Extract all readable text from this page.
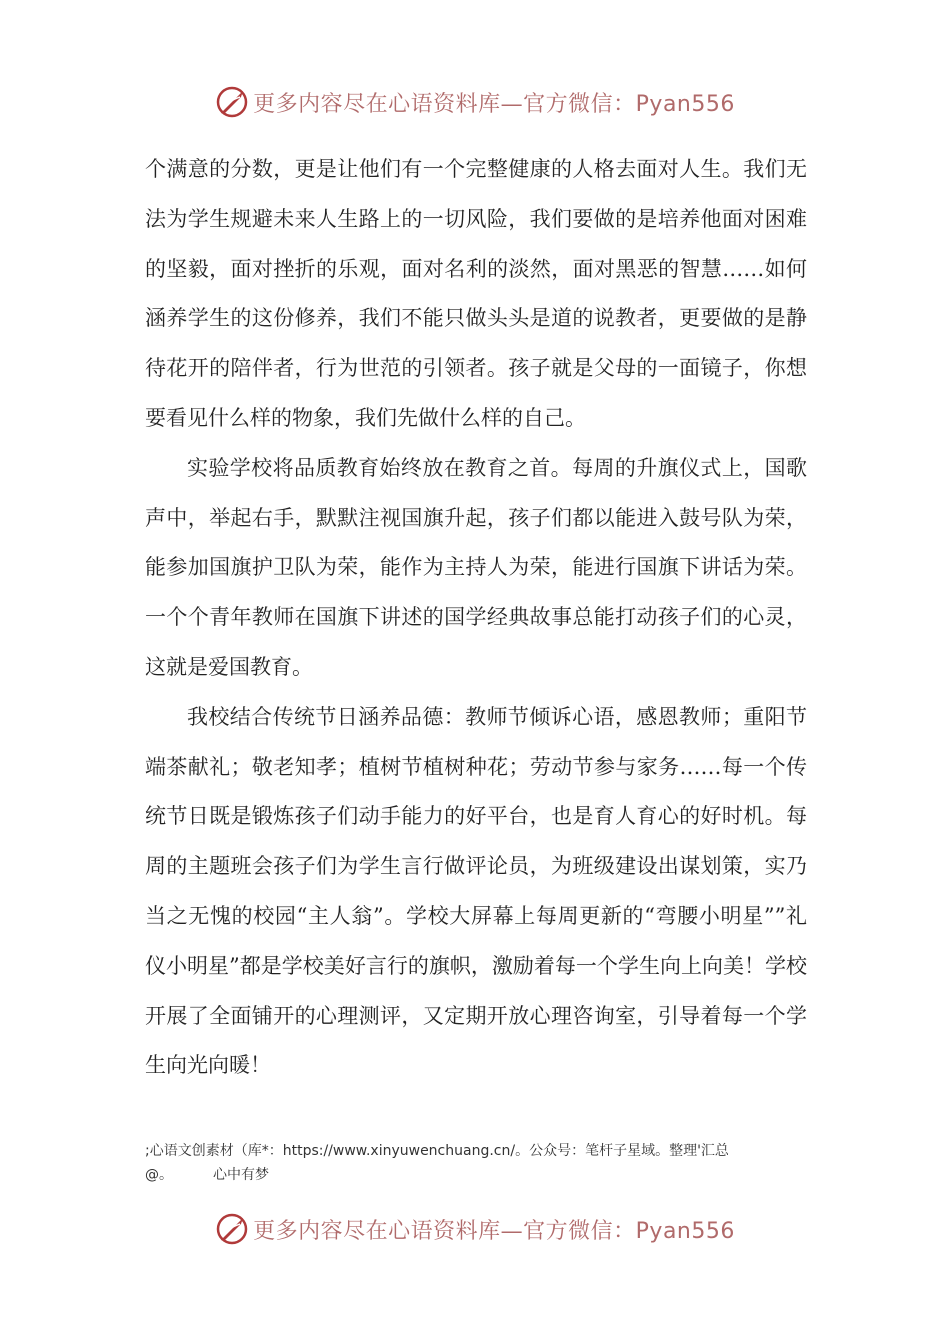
更多内容尽在心语资料库—官方微信：Pyan556

个满意的分数，更是让他们有一个完整健康的人格去面对人生。我们无法为学生规避未来人生路上的一切风险，我们要做的是培养他面对困难的坚毅，面对挫折的乐观，面对名利的淡然，面对黑恶的智慧……如何涵养学生的这份修养，我们不能只做头头是道的说教者，更要做的是静待花开的陪伴者，行为世范的引领者。孩子就是父母的一面镜子，你想要看见什么样的物象，我们先做什么样的自己。

实验学校将品质教育始终放在教育之首。每周的升旗仪式上，国歌声中，举起右手，默默注视国旗升起，孩子们都以能进入鼓号队为荣，能参加国旗护卫队为荣，能作为主持人为荣，能进行国旗下讲话为荣。一个个青年教师在国旗下讲述的国学经典故事总能打动孩子们的心灵，这就是爱国教育。

我校结合传统节日涵养品德：教师节倾诉心语，感恩教师；重阳节端茶献礼；敬老知孝；植树节植树种花；劳动节参与家务……每一个传统节日既是锻炼孩子们动手能力的好平台，也是育人育心的好时机。每周的主题班会孩子们为学生言行做评论员，为班级建设出谋划策，实乃当之无愧的校园“主人翁”。学校大屏幕上每周更新的“弯腰小明星””礼仪小明星”都是学校美好言行的旗帜，激励着每一个学生向上向美！学校开展了全面铺开的心理测评，又定期开放心理咨询室，引导着每一个学生向光向暖！

;心语文创素材（库*：https://www.xinyuwenchuang.cn/。公众号：笔杆子星域。整理'汇总
@。	心中有梦
更多内容尽在心语资料库—官方微信：Pyan556
